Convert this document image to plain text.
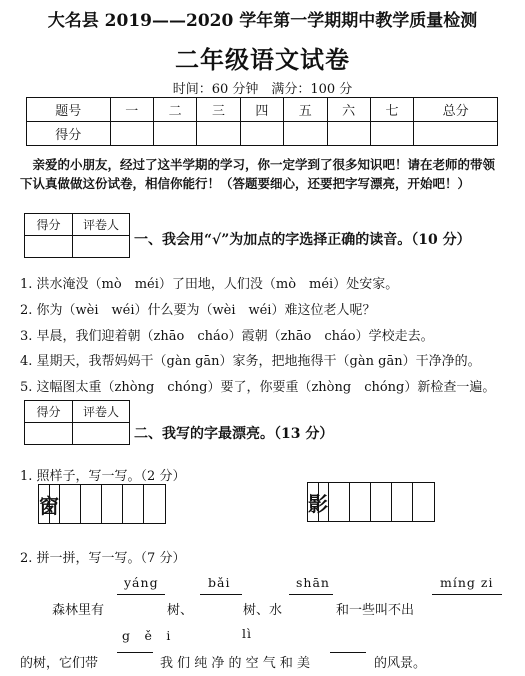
大名县 2019——2020 学年第一学期期中教学质量检测
二年级语文试卷
时间：60 分钟　满分：100 分
题号	一	二	三	四	五	六	七	总分
得分								
　亲爱的小朋友，经过了这半学期的学习，你一定学到了很多知识吧！请在老师的带领下认真做做这份试卷，相信你能行！（答题要细心，还要把字写漂亮，开始吧！）
得分	评卷人

一、我会用“√”为加点的字选择正确的读音。（10 分）
1. 洪水淹没（mò　méi）了田地，人们没（mò　méi）处安家。
2. 你为（wèi　wéi）什么要为（wèi　wéi）难这位老人呢？
3. 早晨，我们迎着朝（zhāo　cháo）霞朝（zhāo　cháo）学校走去。
4. 星期天，我帮妈妈干（gàn gān）家务，把地拖得干（gàn gān）干净净的。
5. 这幅图太重（zhòng　chóng）要了，你要重（zhòng　chóng）新检查一遍。
得分	评卷人

二、我写的字最漂亮。（13 分）
1. 照样子，写一写。（2 分）
窗	影
2. 拼一拼，写一写。（7 分）
yáng	bǎi	shān	míng zi
森林里有	树、	树、水	和一些叫不出
g　ě　i	lì
的树，它们带	我 们 纯 净 的 空 气 和 美	的风景。
